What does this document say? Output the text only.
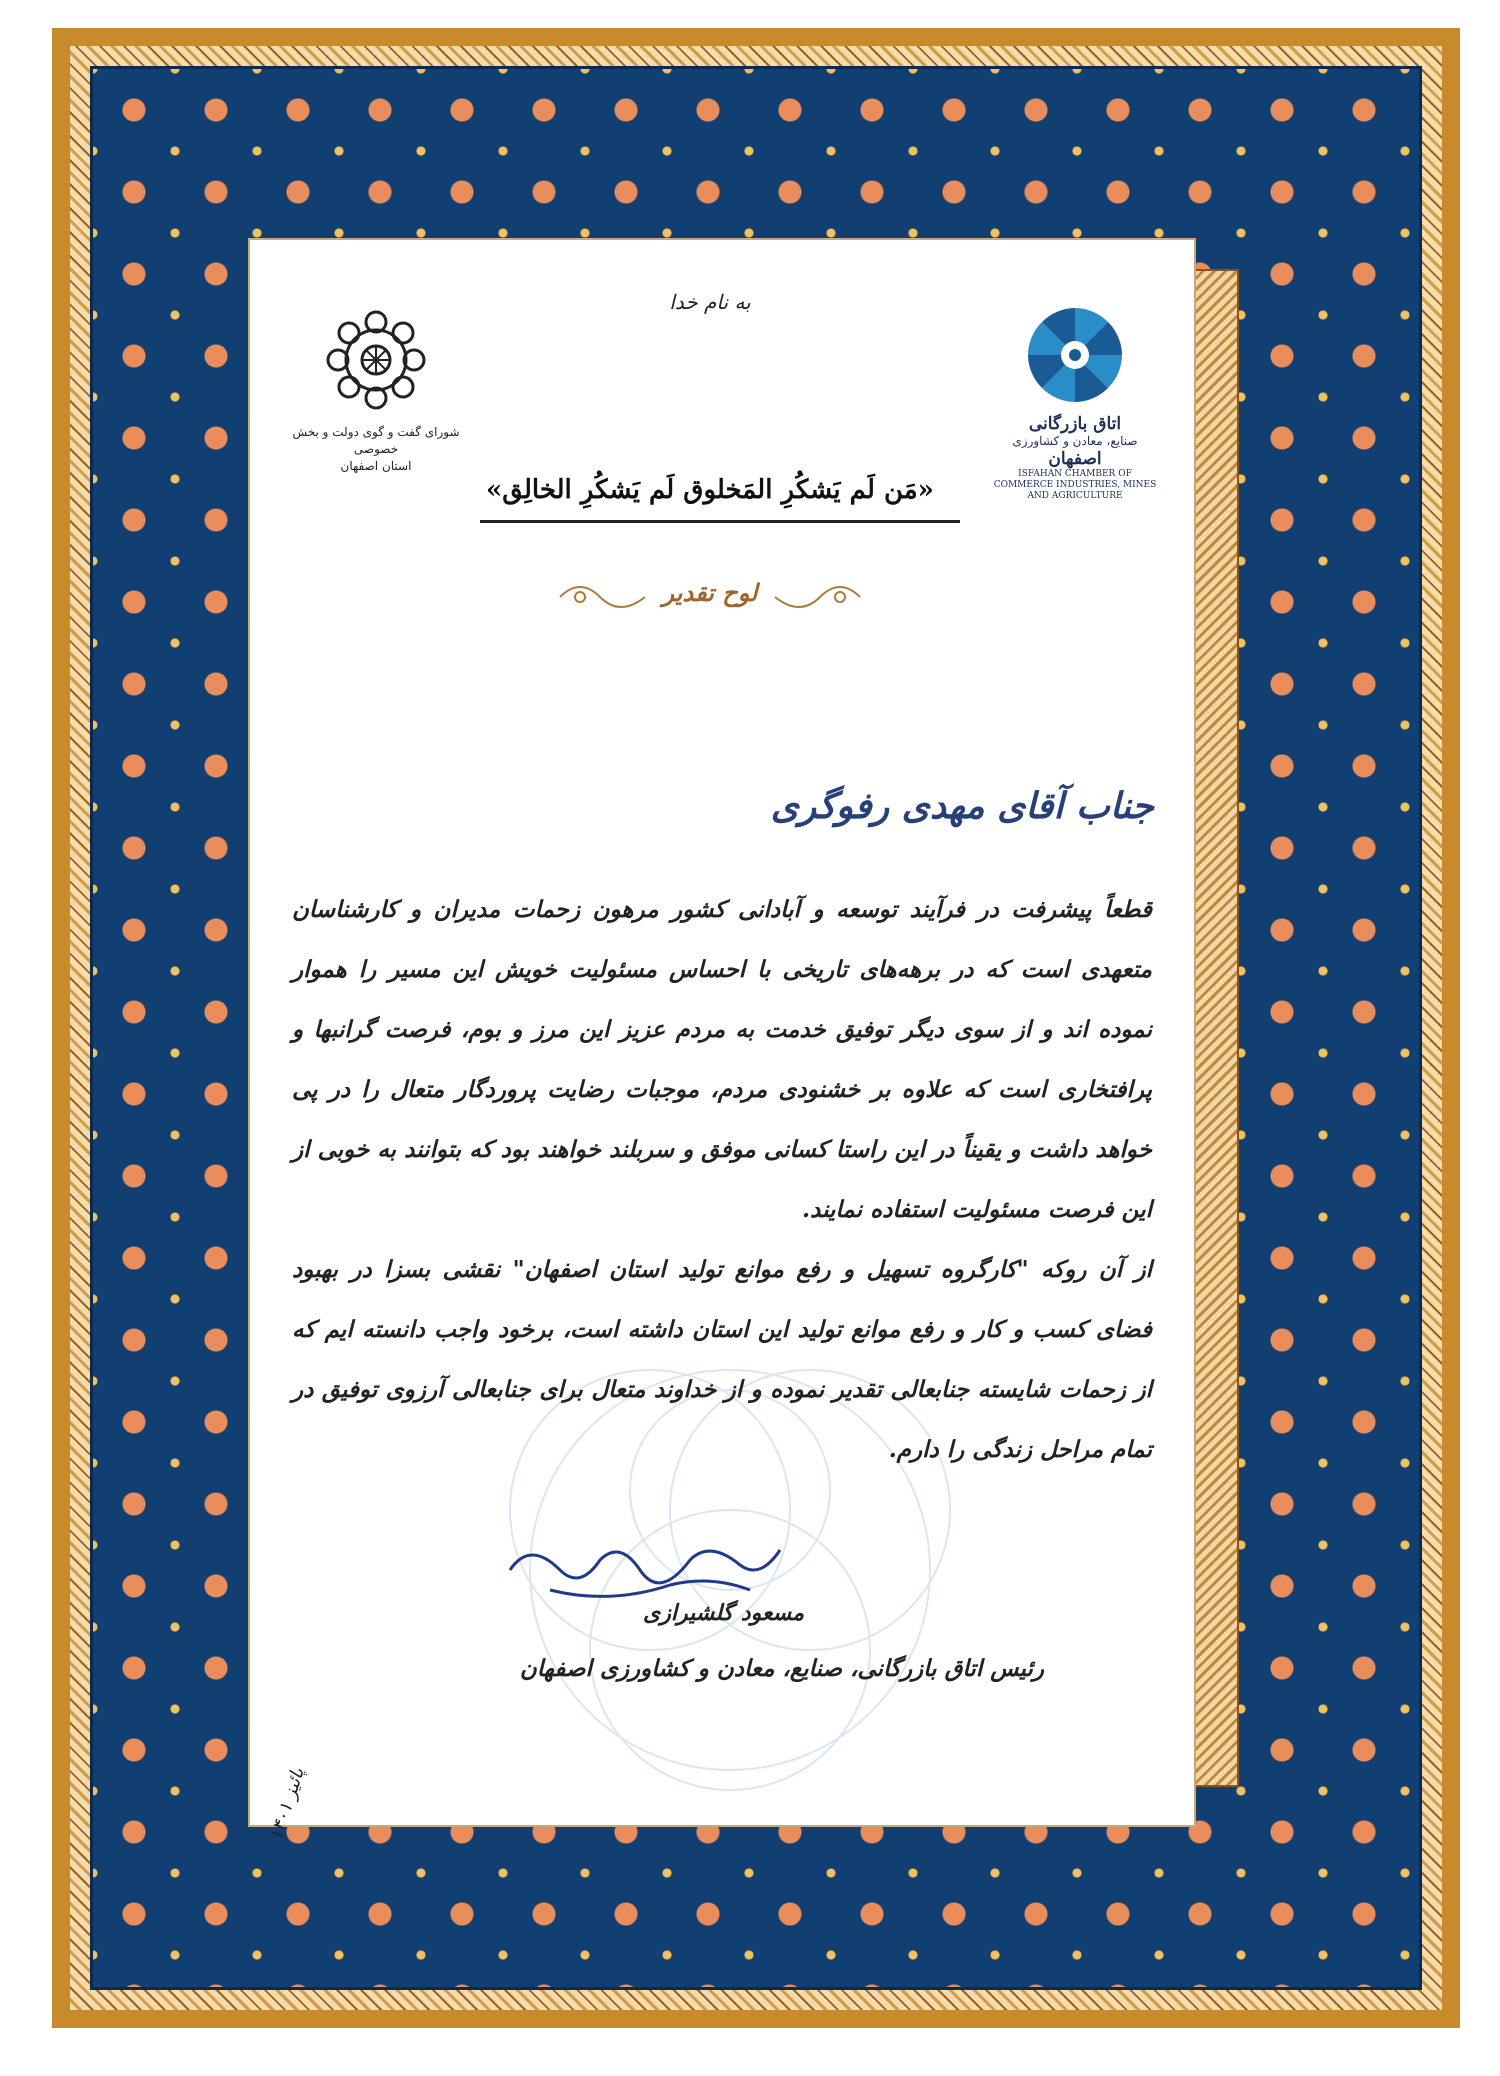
به نام خدا
شورای گفت و گوی دولت و بخش خصوصی
استان اصفهان
اتاق بازرگانی
صنایع، معادن و کشاورزی
اصفهان
ISFAHAN CHAMBER OF COMMERCE INDUSTRIES, MINES AND AGRICULTURE
«مَن لَم يَشكُرِ المَخلوق لَم يَشكُرِ الخالِق»
لوح تقدیر
جناب آقای مهدی رفوگری

قطعاً پیشرفت در فرآیند توسعه و آبادانی کشور مرهون زحمات مدیران و کارشناسان متعهدی است که در برهه‌های تاریخی با احساس مسئولیت خویش این مسیر را هموار نموده اند و از سوی دیگر توفیق خدمت به مردم عزیز این مرز و بوم، فرصت گرانبها و پرافتخاری است که علاوه بر خشنودی مردم، موجبات رضایت پروردگار متعال را در پی خواهد داشت و یقیناً در این راستا کسانی موفق و سربلند خواهند بود که بتوانند به خوبی از این فرصت مسئولیت استفاده نمایند.

از آن روکه "کارگروه تسهیل و رفع موانع تولید استان اصفهان" نقشی بسزا در بهبود فضای کسب و کار و رفع موانع تولید این استان داشته است، برخود واجب دانسته ایم که از زحمات شایسته جنابعالی تقدیر نموده و از خداوند متعال برای جنابعالی آرزوی توفیق در تمام مراحل زندگی را دارم.

مسعود گلشیرازی
رئیس اتاق بازرگانی، صنایع، معادن و کشاورزی اصفهان
پائیز ۱۴۰۱
